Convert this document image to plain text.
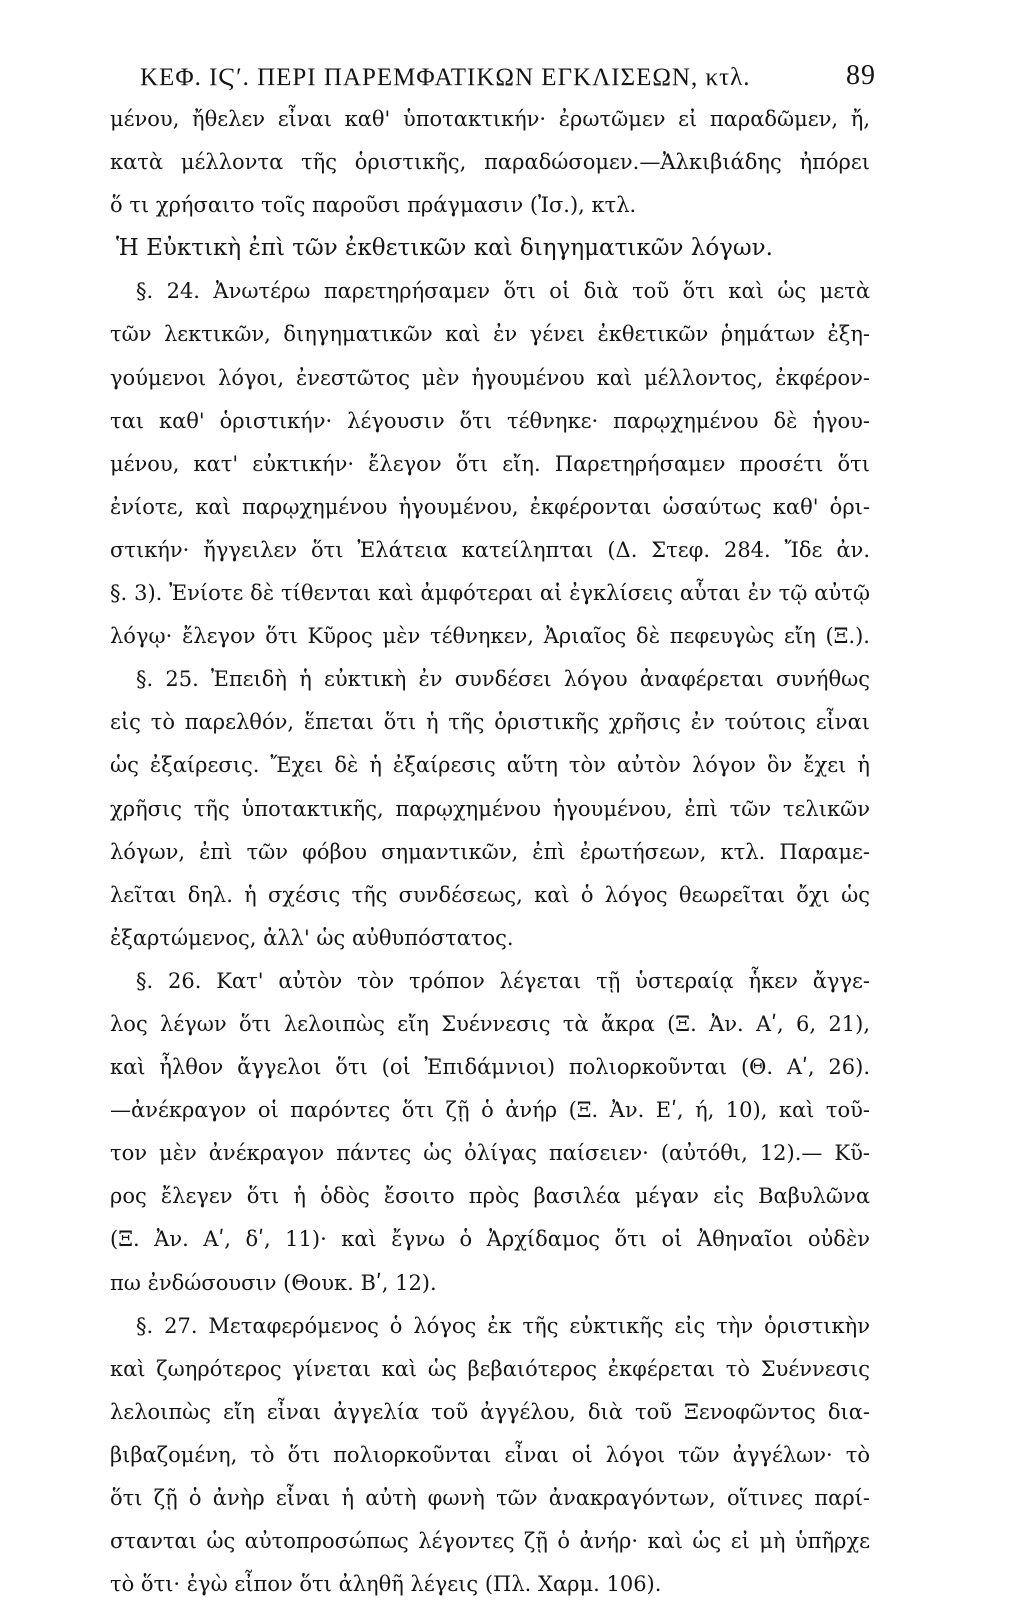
ΚΕΦ. ΙϚʹ. ΠΕΡΙ ΠΑΡΕΜΦΑΤΙΚΩΝ ΕΓΚΛΙΣΕΩΝ, κτλ.	89
μένου, ἤθελεν εἶναι καθ' ὑποτακτικήν· ἐρωτῶμεν εἰ παραδῶμεν, ἤ,
κατὰ μέλλοντα τῆς ὁριστικῆς, παραδώσομεν.—Ἀλκιβιάδης ἠπόρει
ὅ τι χρήσαιτο τοῖς παροῦσι πράγμασιν (Ἰσ.), κτλ.
Ἡ Εὐκτικὴ ἐπὶ τῶν ἐκθετικῶν καὶ διηγηματικῶν λόγων.
§. 24. Ἀνωτέρω παρετηρήσαμεν ὅτι οἱ διὰ τοῦ ὅτι καὶ ὡς μετὰ
τῶν λεκτικῶν, διηγηματικῶν καὶ ἐν γένει ἐκθετικῶν ῥημάτων ἐξη-
γούμενοι λόγοι, ἐνεστῶτος μὲν ἡγουμένου καὶ μέλλοντος, ἐκφέρον-
ται καθ' ὁριστικήν· λέγουσιν ὅτι τέθνηκε· παρῳχημένου δὲ ἡγου-
μένου, κατ' εὐκτικήν· ἔλεγον ὅτι εἴη. Παρετηρήσαμεν προσέτι ὅτι
ἐνίοτε, καὶ παρῳχημένου ἡγουμένου, ἐκφέρονται ὡσαύτως καθ' ὁρι-
στικήν· ἤγγειλεν ὅτι Ἐλάτεια κατείληπται (Δ. Στεφ. 284. Ἴδε ἀν.
§. 3). Ἐνίοτε δὲ τίθενται καὶ ἀμφότεραι αἱ ἐγκλίσεις αὗται ἐν τῷ αὐτῷ
λόγῳ· ἔλεγον ὅτι Κῦρος μὲν τέθνηκεν, Ἀριαῖος δὲ πεφευγὼς εἴη (Ξ.).
§. 25. Ἐπειδὴ ἡ εὐκτικὴ ἐν συνδέσει λόγου ἀναφέρεται συνήθως
εἰς τὸ παρελθόν, ἕπεται ὅτι ἡ τῆς ὁριστικῆς χρῆσις ἐν τούτοις εἶναι
ὡς ἐξαίρεσις. Ἔχει δὲ ἡ ἐξαίρεσις αὕτη τὸν αὐτὸν λόγον ὃν ἔχει ἡ
χρῆσις τῆς ὑποτακτικῆς, παρῳχημένου ἡγουμένου, ἐπὶ τῶν τελικῶν
λόγων, ἐπὶ τῶν φόβου σημαντικῶν, ἐπὶ ἐρωτήσεων, κτλ. Παραμε-
λεῖται δηλ. ἡ σχέσις τῆς συνδέσεως, καὶ ὁ λόγος θεωρεῖται ὄχι ὡς
ἐξαρτώμενος, ἀλλ' ὡς αὐθυπόστατος.
§. 26. Κατ' αὐτὸν τὸν τρόπον λέγεται τῇ ὑστεραίᾳ ἧκεν ἄγγε-
λος λέγων ὅτι λελοιπὼς εἴη Συέννεσις τὰ ἄκρα (Ξ. Ἀν. Αʹ, 6, 21),
καὶ ἦλθον ἄγγελοι ὅτι (οἱ Ἐπιδάμνιοι) πολιορκοῦνται (Θ. Αʹ, 26).
—ἀνέκραγον οἱ παρόντες ὅτι ζῇ ὁ ἀνήρ (Ξ. Ἀν. Εʹ, ή, 10), καὶ τοῦ-
τον μὲν ἀνέκραγον πάντες ὡς ὀλίγας παίσειεν· (αὐτόθι, 12).— Κῦ-
ρος ἔλεγεν ὅτι ἡ ὁδὸς ἔσοιτο πρὸς βασιλέα μέγαν εἰς Βαβυλῶνα
(Ξ. Ἀν. Αʹ, δʹ, 11)· καὶ ἔγνω ὁ Ἀρχίδαμος ὅτι οἱ Ἀθηναῖοι οὐδὲν
πω ἐνδώσουσιν (Θουκ. Βʹ, 12).
§. 27. Μεταφερόμενος ὁ λόγος ἐκ τῆς εὐκτικῆς εἰς τὴν ὁριστικὴν
καὶ ζωηρότερος γίνεται καὶ ὡς βεβαιότερος ἐκφέρεται τὸ Συέννεσις
λελοιπὼς εἴη εἶναι ἀγγελία τοῦ ἀγγέλου, διὰ τοῦ Ξενοφῶντος δια-
βιβαζομένη, τὸ ὅτι πολιορκοῦνται εἶναι οἱ λόγοι τῶν ἀγγέλων· τὸ
ὅτι ζῇ ὁ ἀνὴρ εἶναι ἡ αὐτὴ φωνὴ τῶν ἀνακραγόντων, οἵτινες παρί-
στανται ὡς αὐτοπροσώπως λέγοντες ζῇ ὁ ἀνήρ· καὶ ὡς εἰ μὴ ὑπῆρχε
τὸ ὅτι· ἐγὼ εἶπον ὅτι ἀληθῆ λέγεις (Πλ. Χαρμ. 106).
